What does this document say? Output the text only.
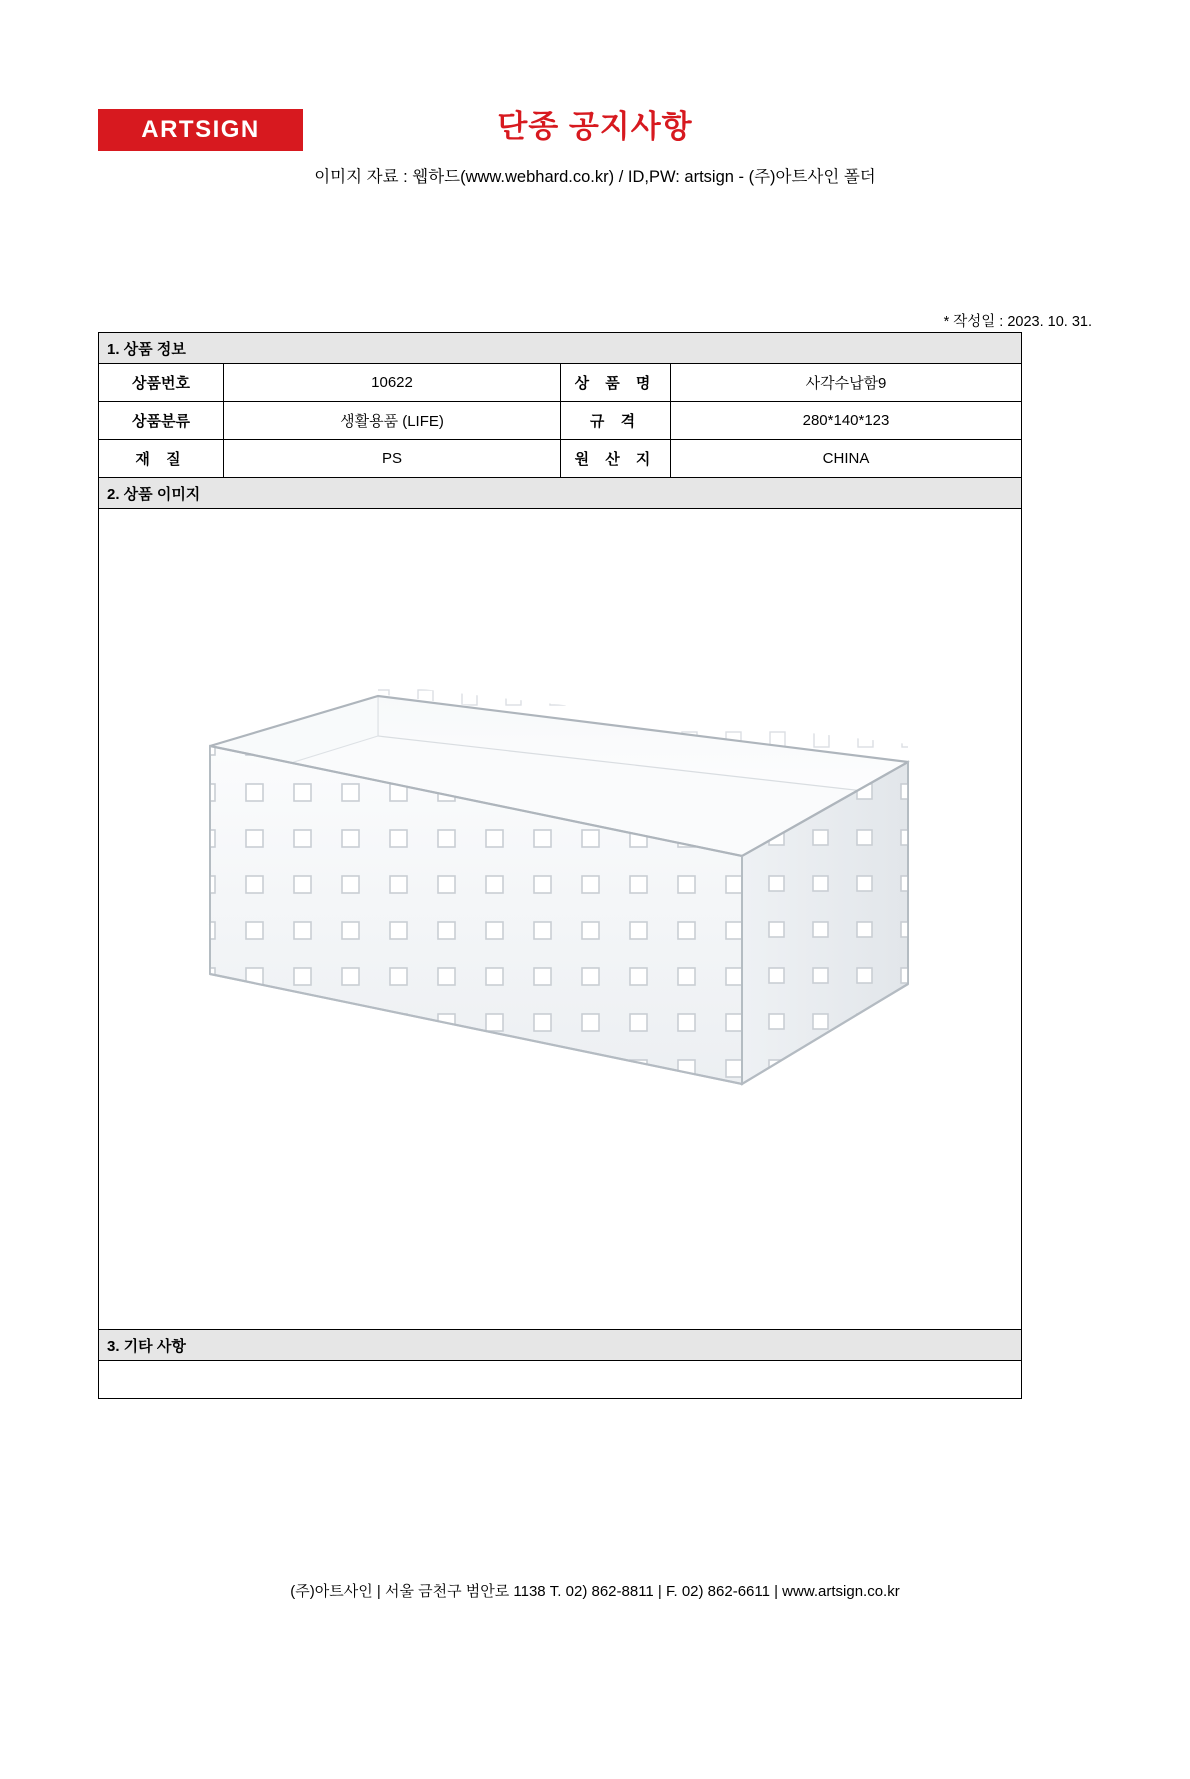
ARTSIGN	단종 공지사항
이미지 자료 : 웹하드(www.webhard.co.kr) / ID,PW: artsign - (주)아트사인 폴더
* 작성일 : 2023. 10. 31.
1. 상품 정보			
상품번호	10622	상 품 명	사각수납함9
상품분류	생활용품 (LIFE)	규 격	280*140*123
재 질	PS	원 산 지	CHINA
2. 상품 이미지			

3. 기타 사항			

(주)아트사인 | 서울 금천구 범안로 1138 T. 02) 862-8811 | F. 02) 862-6611 | www.artsign.co.kr
